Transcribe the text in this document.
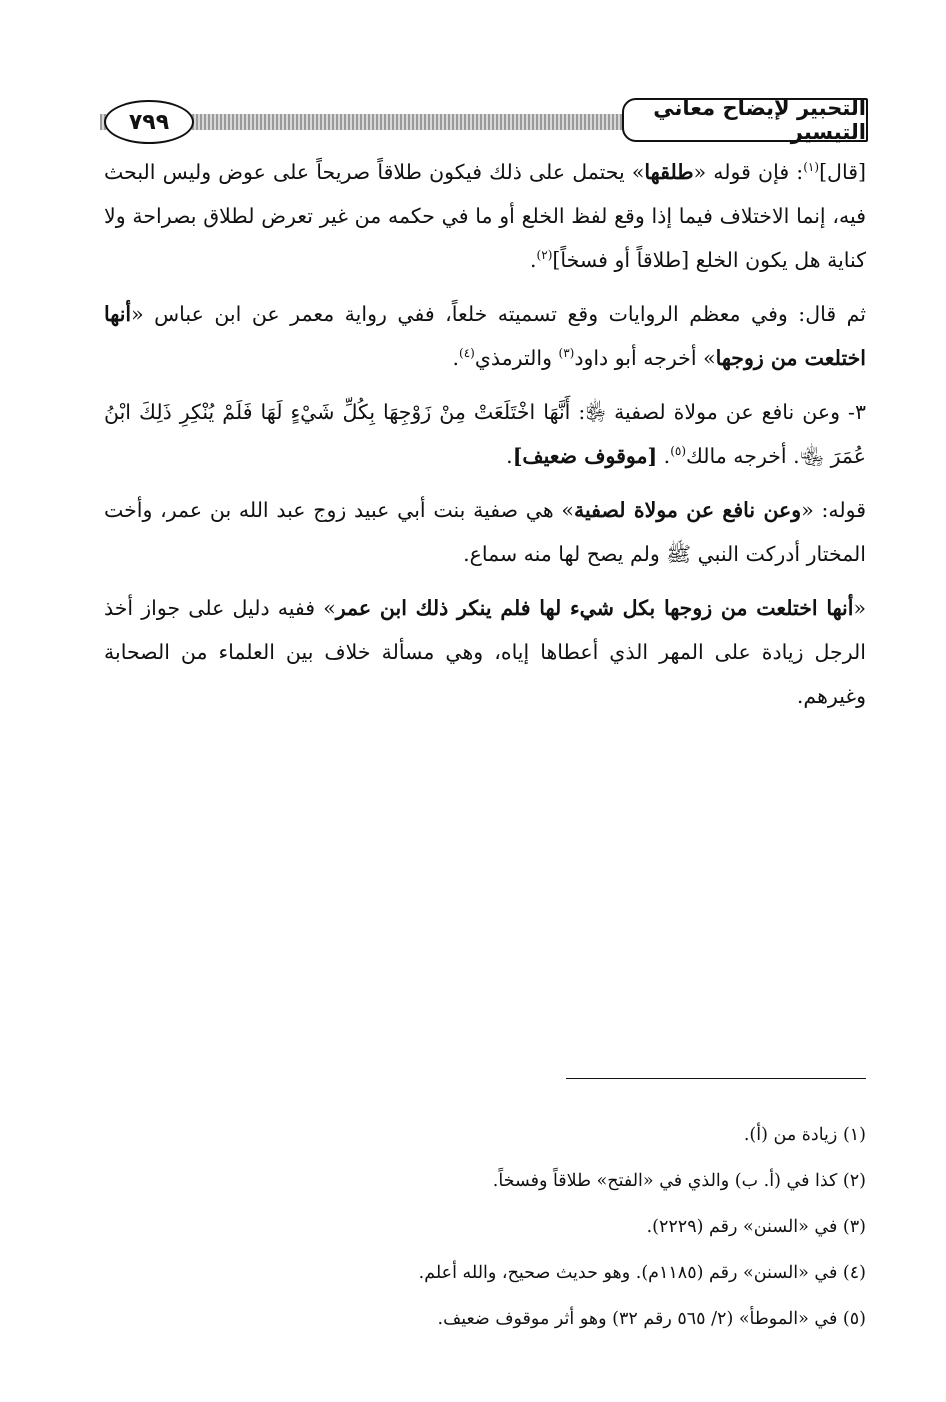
٧٩٩
التحبير لإيضاح معاني التيسير

[قال]$^{(١)}$: فإن قوله «طلقها» يحتمل على ذلك فيكون طلاقاً صريحاً على عوض وليس البحث فيه، إنما الاختلاف فيما إذا وقع لفظ الخلع أو ما في حكمه من غير تعرض لطلاق بصراحة ولا كناية هل يكون الخلع [طلاقاً أو فسخاً]$^{(٢)}$.

ثم قال: وفي معظم الروايات وقع تسميته خلعاً، ففي رواية معمر عن ابن عباس «أنها اختلعت من زوجها» أخرجه أبو داود$^{(٣)}$ والترمذي$^{(٤)}$.

٣- وعن نافع عن مولاة لصفية ﵂: أَنَّهَا اخْتَلَعَتْ مِنْ زَوْجِهَا بِكُلِّ شَيْءٍ لَهَا فَلَمْ يُنْكِرِ ذَلِكَ ابْنُ عُمَرَ ﵄. أخرجه مالك$^{(٥)}$. [موقوف ضعيف].

قوله: «وعن نافع عن مولاة لصفية» هي صفية بنت أبي عبيد زوج عبد الله بن عمر، وأخت المختار أدركت النبي ﷺ ولم يصح لها منه سماع.

«أنها اختلعت من زوجها بكل شيء لها فلم ينكر ذلك ابن عمر» ففيه دليل على جواز أخذ الرجل زيادة على المهر الذي أعطاها إياه، وهي مسألة خلاف بين العلماء من الصحابة وغيرهم.

(١) زيادة من (أ).
(٢) كذا في (أ. ب) والذي في «الفتح» طلاقاً وفسخاً.
(٣) في «السنن» رقم (٢٢٢٩).
(٤) في «السنن» رقم (١١٨٥م). وهو حديث صحيح، والله أعلم.
(٥) في «الموطأ» (٢/ ٥٦٥ رقم ٣٢) وهو أثر موقوف ضعيف.
